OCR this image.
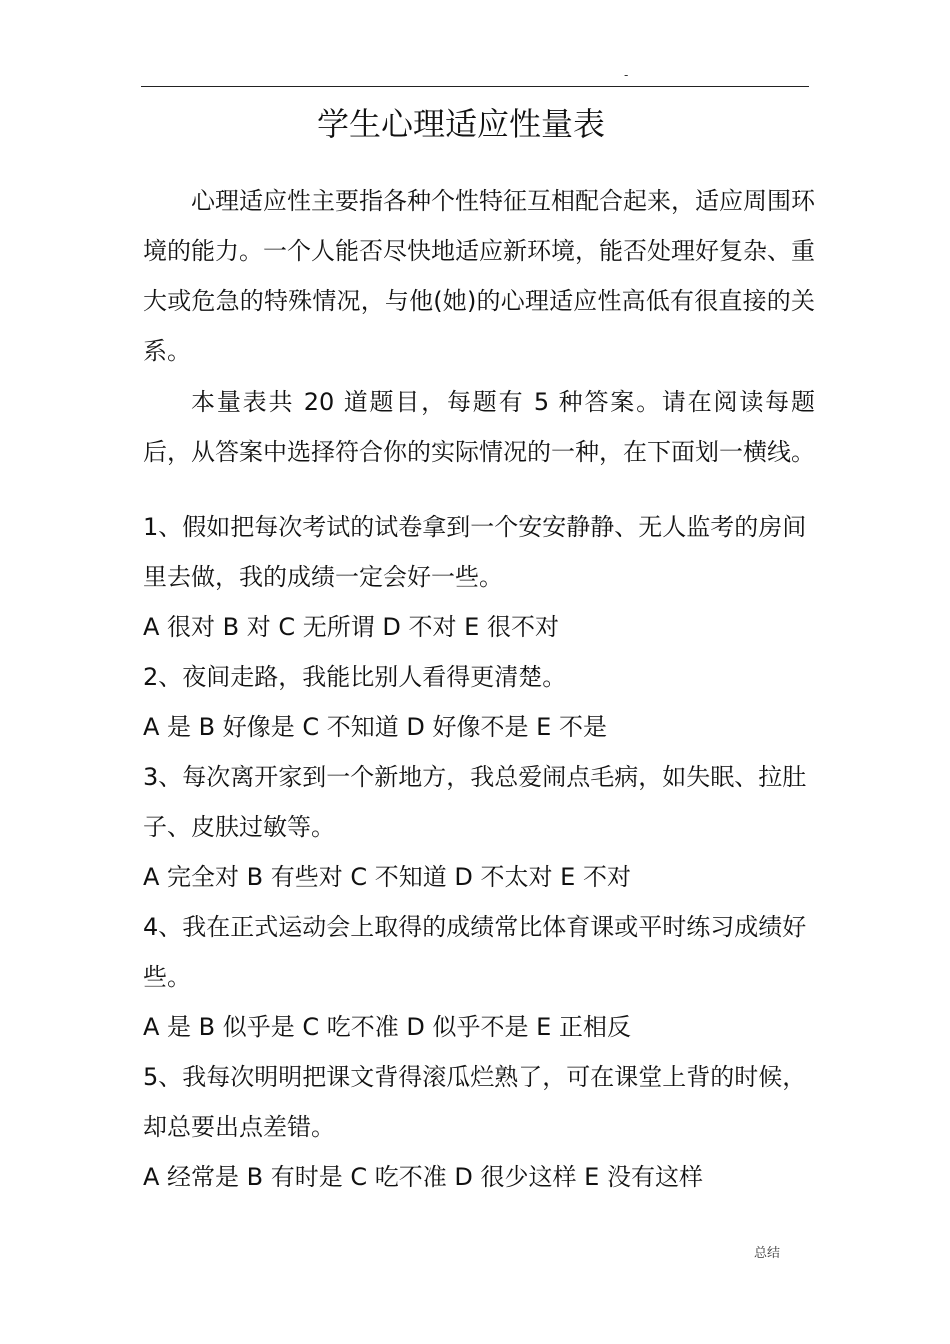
-
学生心理适应性量表

心理适应性主要指各种个性特征互相配合起来，适应周围环境的能力。一个人能否尽快地适应新环境，能否处理好复杂、重大或危急的特殊情况，与他(她)的心理适应性高低有很直接的关系。

本量表共 20 道题目，每题有 5 种答案。请在阅读每题后，从答案中选择符合你的实际情况的一种，在下面划一横线。

1、假如把每次考试的试卷拿到一个安安静静、无人监考的房间里去做，我的成绩一定会好一些。

A 很对 B 对 C 无所谓 D 不对 E 很不对

2、夜间走路，我能比别人看得更清楚。

A 是 B 好像是 C 不知道 D 好像不是 E 不是

3、每次离开家到一个新地方，我总爱闹点毛病，如失眠、拉肚子、皮肤过敏等。

A 完全对 B 有些对 C 不知道 D 不太对 E 不对

4、我在正式运动会上取得的成绩常比体育课或平时练习成绩好些。

A 是 B 似乎是 C 吃不准 D 似乎不是 E 正相反

5、我每次明明把课文背得滚瓜烂熟了，可在课堂上背的时候，却总要出点差错。

A 经常是 B 有时是 C 吃不准 D 很少这样 E 没有这样

总结
